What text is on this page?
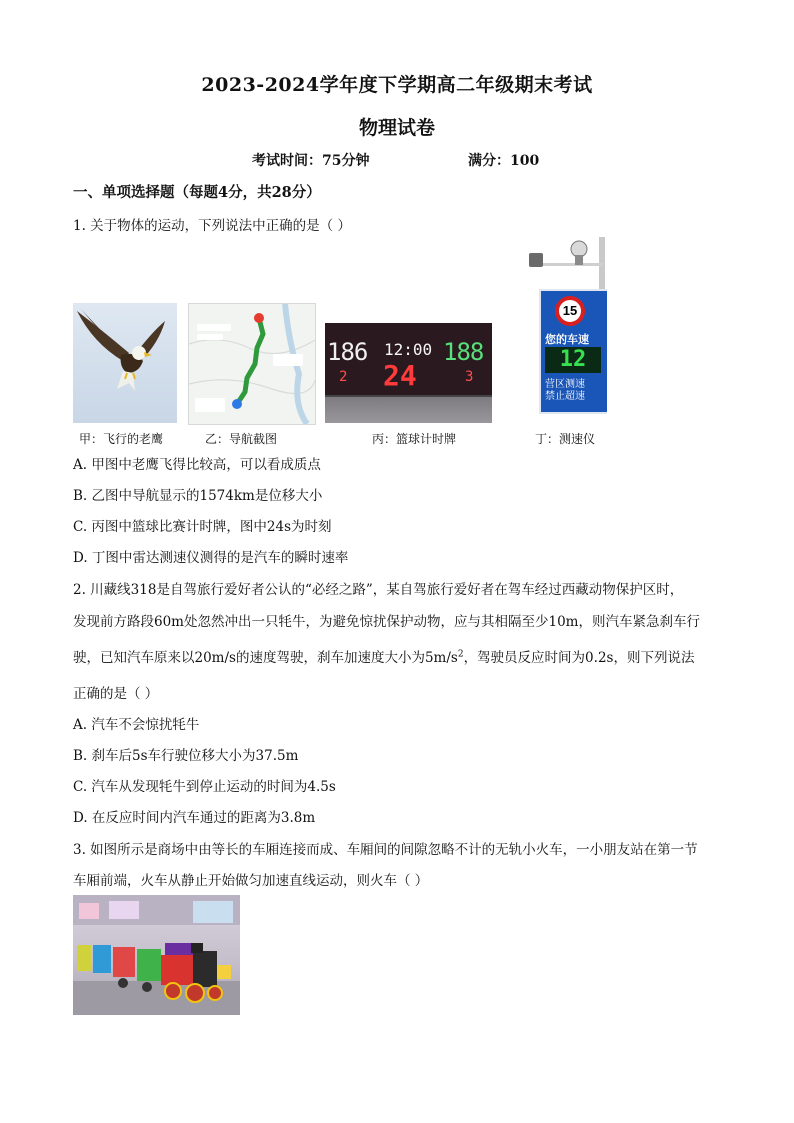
2023-2024学年度下学期高二年级期末考试
物理试卷
考试时间：75分钟	满分：100
一、单项选择题（每题4分，共28分）
1. 关于物体的运动，下列说法中正确的是（ ）
186 12:00 188
24
2	3
15
您的车速
12
营区测速
禁止超速
甲：飞行的老鹰	乙：导航截图	丙：篮球计时牌	丁：测速仪
A. 甲图中老鹰飞得比较高，可以看成质点
B. 乙图中导航显示的1574km是位移大小
C. 丙图中篮球比赛计时牌，图中24s为时刻
D. 丁图中雷达测速仪测得的是汽车的瞬时速率
2. 川藏线318是自驾旅行爱好者公认的“必经之路”，某自驾旅行爱好者在驾车经过西藏动物保护区时，
发现前方路段60m处忽然冲出一只牦牛，为避免惊扰保护动物，应与其相隔至少10m，则汽车紧急刹车行
驶，已知汽车原来以20m/s的速度驾驶，刹车加速度大小为$5m/s^2$，驾驶员反应时间为0.2s，则下列说法
正确的是（ ）
A. 汽车不会惊扰牦牛
B. 刹车后5s车行驶位移大小为37.5m
C. 汽车从发现牦牛到停止运动的时间为4.5s
D. 在反应时间内汽车通过的距离为3.8m
3. 如图所示是商场中由等长的车厢连接而成、车厢间的间隙忽略不计的无轨小火车，一小朋友站在第一节
车厢前端，火车从静止开始做匀加速直线运动，则火车（ ）
